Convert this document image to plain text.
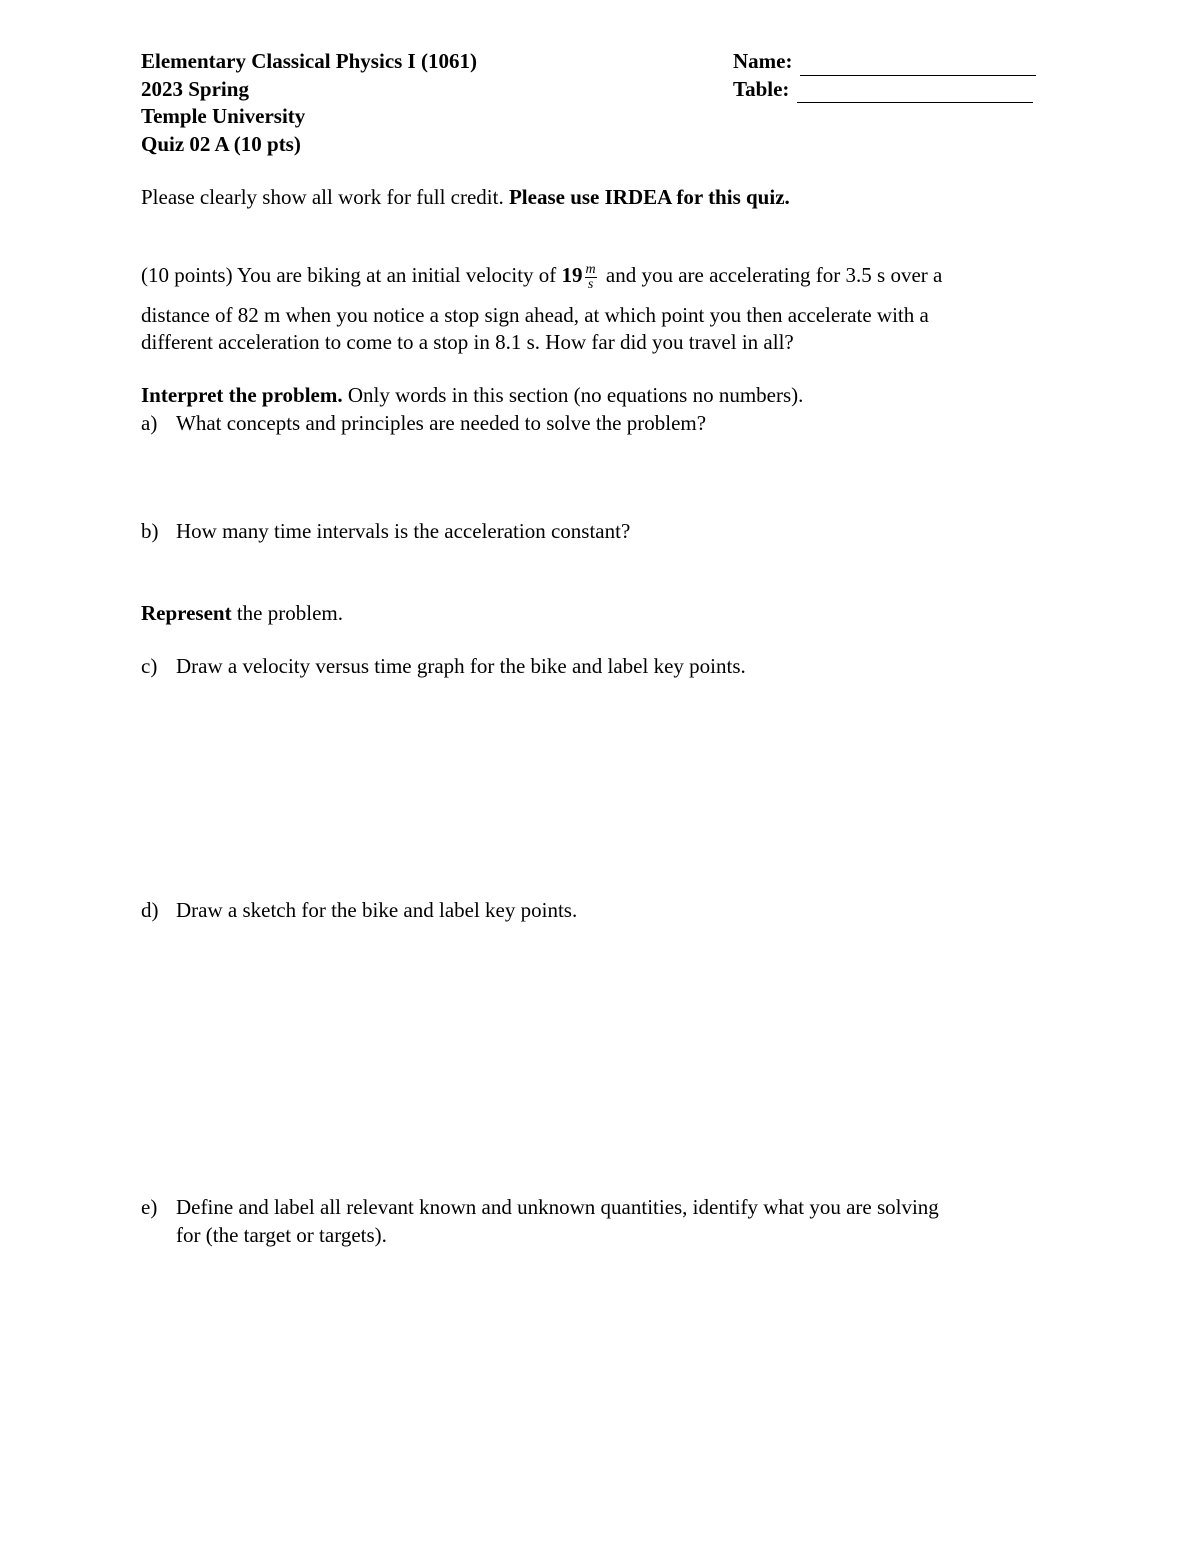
Elementary Classical Physics I (1061)
2023 Spring
Temple University
Quiz 02 A (10 pts)
Name:
Table:
Please clearly show all work for full credit. Please use IRDEA for this quiz.
(10 points) You are biking at an initial velocity of $19 \frac{m}{s}$ and you are accelerating for 3.5 s over a
distance of 82 m when you notice a stop sign ahead, at which point you then accelerate with a
different acceleration to come to a stop in 8.1 s. How far did you travel in all?
Interpret the problem. Only words in this section (no equations no numbers).
a) What concepts and principles are needed to solve the problem?
b) How many time intervals is the acceleration constant?
Represent the problem.
c) Draw a velocity versus time graph for the bike and label key points.
d) Draw a sketch for the bike and label key points.
e) Define and label all relevant known and unknown quantities, identify what you are solving
for (the target or targets).
